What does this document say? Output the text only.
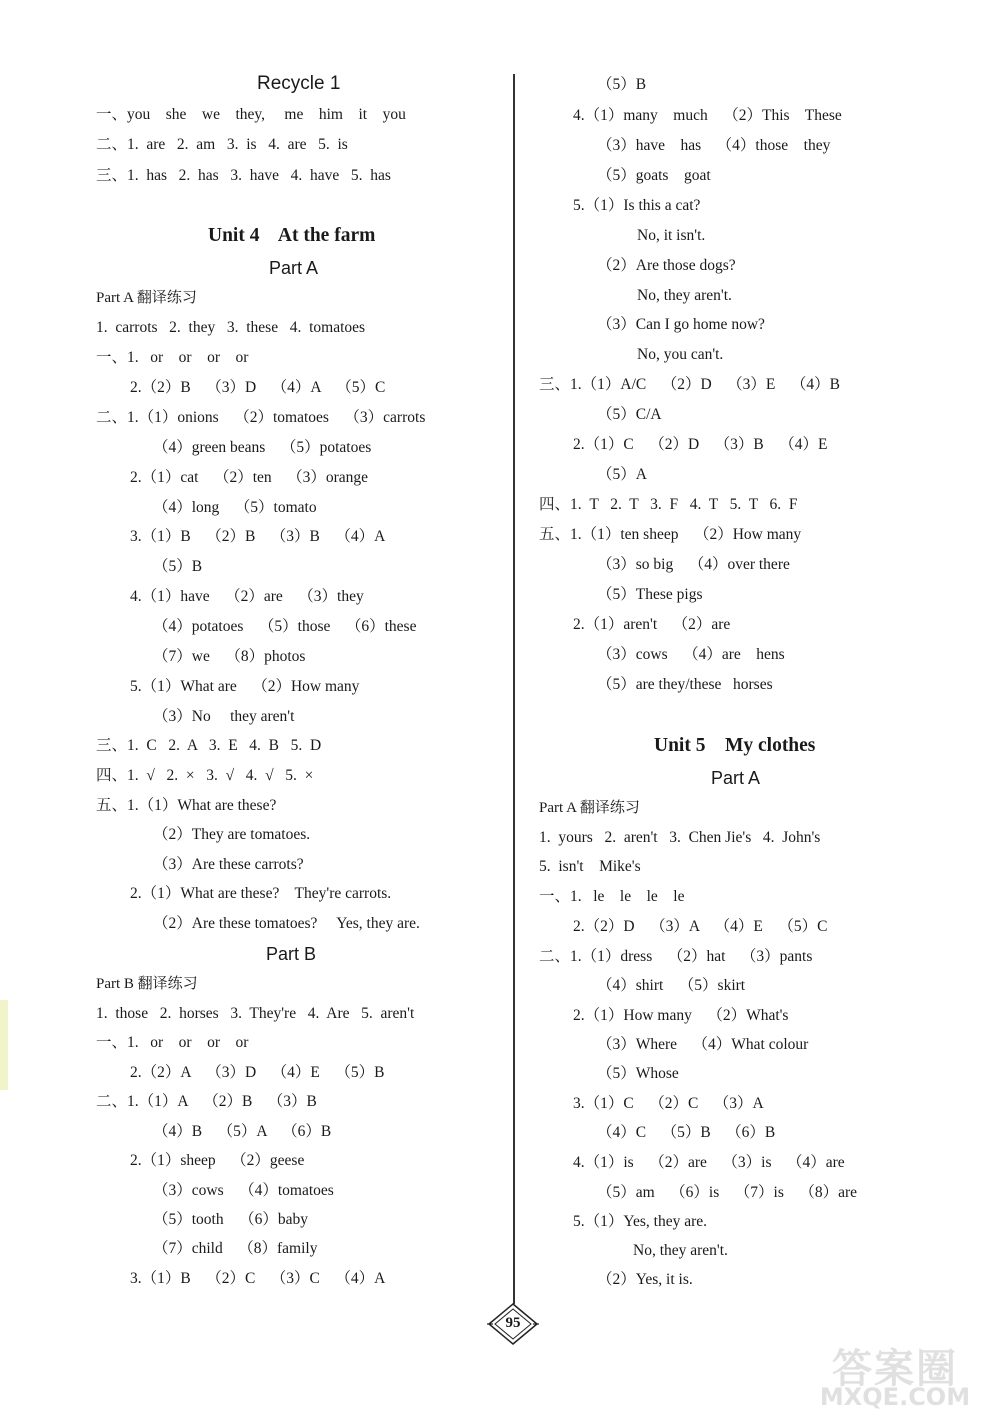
Recycle 1
一、you    she    we    they,     me    him    it    you
二、1.  are   2.  am   3.  is   4.  are   5.  is
三、1.  has   2.  has   3.  have   4.  have   5.  has
Unit 4    At the farm
Part A
Part A 翻译练习
1.  carrots   2.  they   3.  these   4.  tomatoes
一、1.   or    or    or    or
2.（2）B    （3）D    （4）A    （5）C
二、1.（1）onions    （2）tomatoes    （3）carrots
（4）green beans    （5）potatoes
2.（1）cat    （2）ten    （3）orange
（4）long    （5）tomato
3.（1）B    （2）B    （3）B    （4）A
（5）B
4.（1）have    （2）are    （3）they
（4）potatoes    （5）those    （6）these
（7）we    （8）photos
5.（1）What are    （2）How many
（3）No     they aren't
三、1.  C   2.  A   3.  E   4.  B   5.  D
四、1.  √   2.  ×   3.  √   4.  √   5.  ×
五、1.（1）What are these?
（2）They are tomatoes.
（3）Are these carrots?
2.（1）What are these?    They're carrots.
（2）Are these tomatoes?     Yes, they are.
Part B
Part B 翻译练习
1.  those   2.  horses   3.  They're   4.  Are   5.  aren't
一、1.   or    or    or    or
2.（2）A    （3）D    （4）E    （5）B
二、1.（1）A    （2）B    （3）B
（4）B    （5）A    （6）B
2.（1）sheep    （2）geese
（3）cows    （4）tomatoes
（5）tooth    （6）baby
（7）child    （8）family
3.（1）B    （2）C    （3）C    （4）A
（5）B
4.（1）many    much    （2）This    These
（3）have    has    （4）those    they
（5）goats    goat
5.（1）Is this a cat?
No, it isn't.
（2）Are those dogs?
No, they aren't.
（3）Can I go home now?
No, you can't.
三、1.（1）A/C    （2）D    （3）E    （4）B
（5）C/A
2.（1）C    （2）D    （3）B    （4）E
（5）A
四、1.  T   2.  T   3.  F   4.  T   5.  T   6.  F
五、1.（1）ten sheep    （2）How many
（3）so big    （4）over there
（5）These pigs
2.（1）aren't    （2）are
（3）cows    （4）are    hens
（5）are they/these   horses
Unit 5    My clothes
Part A
Part A 翻译练习
1.  yours   2.  aren't   3.  Chen Jie's   4.  John's
5.  isn't    Mike's
一、1.   le    le    le    le
2.（2）D    （3）A    （4）E    （5）C
二、1.（1）dress    （2）hat    （3）pants
（4）shirt    （5）skirt
2.（1）How many    （2）What's
（3）Where    （4）What colour
（5）Whose
3.（1）C    （2）C    （3）A
（4）C    （5）B    （6）B
4.（1）is    （2）are    （3）is    （4）are
（5）am    （6）is    （7）is    （8）are
5.（1）Yes, they are.
No, they aren't.
（2）Yes, it is.
95
答案圈
MXQE.COM
